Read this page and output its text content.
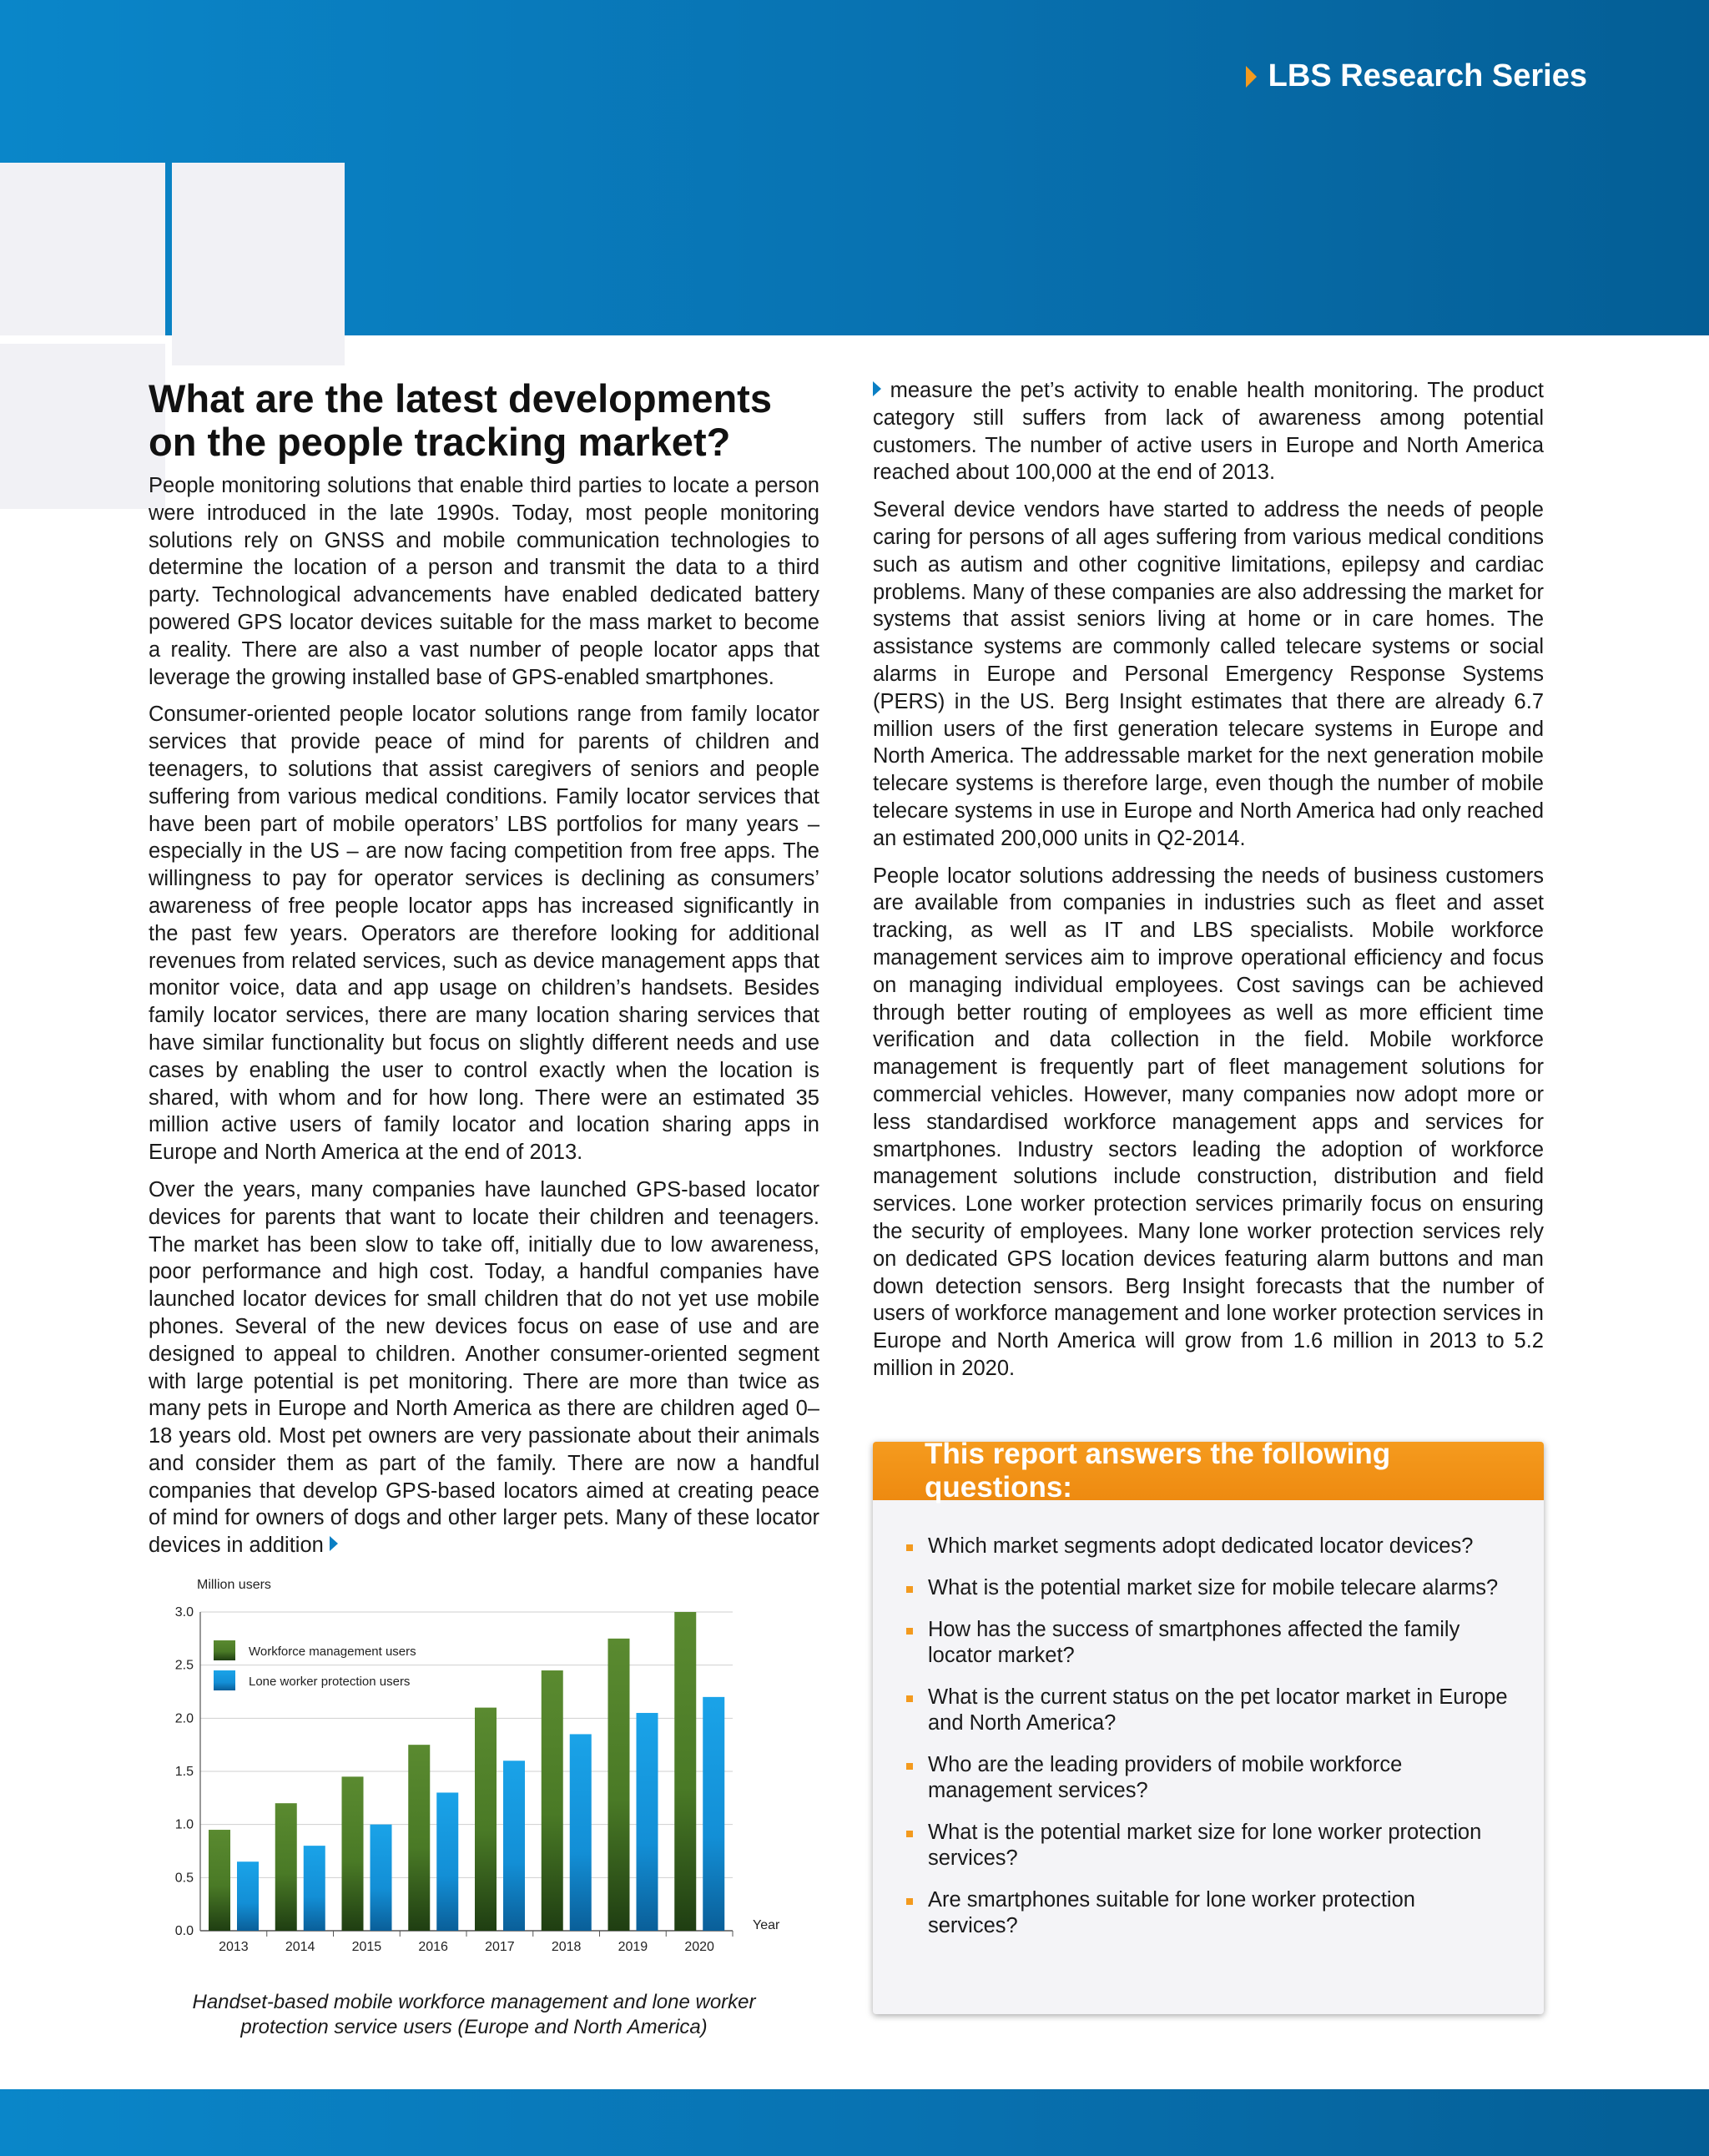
LBS Research Series
What are the latest developments on the people tracking market?

People monitoring solutions that enable third parties to locate a person were introduced in the late 1990s. Today, most people monitoring solutions rely on GNSS and mobile communication technologies to determine the location of a person and transmit the data to a third party. Technological advancements have enabled dedicated battery powered GPS locator devices suitable for the mass market to become a reality. There are also a vast number of people locator apps that leverage the growing installed base of GPS-enabled smartphones.

Consumer-oriented people locator solutions range from family locator services that provide peace of mind for parents of children and teenagers, to solutions that assist caregivers of seniors and people suffering from various medical conditions. Family locator services that have been part of mobile operators’ LBS portfolios for many years – especially in the US – are now facing competition from free apps. The willingness to pay for operator services is declining as consumers’ awareness of free people locator apps has increased significantly in the past few years. Operators are therefore looking for additional revenues from related services, such as device management apps that monitor voice, data and app usage on children’s handsets. Besides family locator services, there are many location sharing services that have similar functionality but focus on slightly different needs and use cases by enabling the user to control exactly when the location is shared, with whom and for how long. There were an estimated 35 million active users of family locator and location sharing apps in Europe and North America at the end of 2013.

Over the years, many companies have launched GPS-based locator devices for parents that want to locate their children and teenagers. The market has been slow to take off, initially due to low awareness, poor performance and high cost. Today, a handful companies have launched locator devices for small children that do not yet use mobile phones. Several of the new devices focus on ease of use and are designed to appeal to children. Another consumer-oriented segment with large potential is pet monitoring. There are more than twice as many pets in Europe and North America as there are children aged 0–18 years old. Most pet owners are very passionate about their animals and consider them as part of the family. There are now a handful companies that develop GPS-based locators aimed at creating peace of mind for owners of dogs and other larger pets. Many of these locator devices in addition

measure the pet’s activity to enable health monitoring. The product category still suffers from lack of awareness among potential customers. The number of active users in Europe and North America reached about 100,000 at the end of 2013.

Several device vendors have started to address the needs of people caring for persons of all ages suffering from various medical conditions such as autism and other cognitive limitations, epilepsy and cardiac problems. Many of these companies are also addressing the market for systems that assist seniors living at home or in care homes. The assistance systems are commonly called telecare systems or social alarms in Europe and Personal Emergency Response Systems (PERS) in the US. Berg Insight estimates that there are already 6.7 million users of the first generation telecare systems in Europe and North America. The addressable market for the next generation mobile telecare systems is therefore large, even though the number of mobile telecare systems in use in Europe and North America had only reached an estimated 200,000 units in Q2-2014.

People locator solutions addressing the needs of business customers are available from companies in industries such as fleet and asset tracking, as well as IT and LBS specialists. Mobile workforce management services aim to improve operational efficiency and focus on managing individual employees. Cost savings can be achieved through better routing of employees as well as more efficient time verification and data collection in the field. Mobile workforce management is frequently part of fleet management solutions for commercial vehicles. However, many companies now adopt more or less standardised workforce management apps and services for smartphones. Industry sectors leading the adoption of workforce management solutions include construction, distribution and field services. Lone worker protection services primarily focus on ensuring the security of employees. Many lone worker protection services rely on dedicated GPS location devices featuring alarm buttons and man down detection sensors. Berg Insight forecasts that the number of users of workforce management and lone worker protection services in Europe and North America will grow from 1.6 million in 2013 to 5.2 million in 2020.

Million users
0.0
0.5
1.0
1.5
2.0
2.5
3.0
2013	2014	2015	2016	2017	2018	2019	2020
Year
Workforce management users
Lone worker protection users
Handset-based mobile workforce management and lone worker protection service users (Europe and North America)
This report answers the following questions:
Which market segments adopt dedicated locator devices?
What is the potential market size for mobile telecare alarms?
How has the success of smartphones affected the family locator market?
What is the current status on the pet locator market in Europe and North America?
Who are the leading providers of mobile workforce management services?
What is the potential market size for lone worker protection services?
Are smartphones suitable for lone worker protection services?
